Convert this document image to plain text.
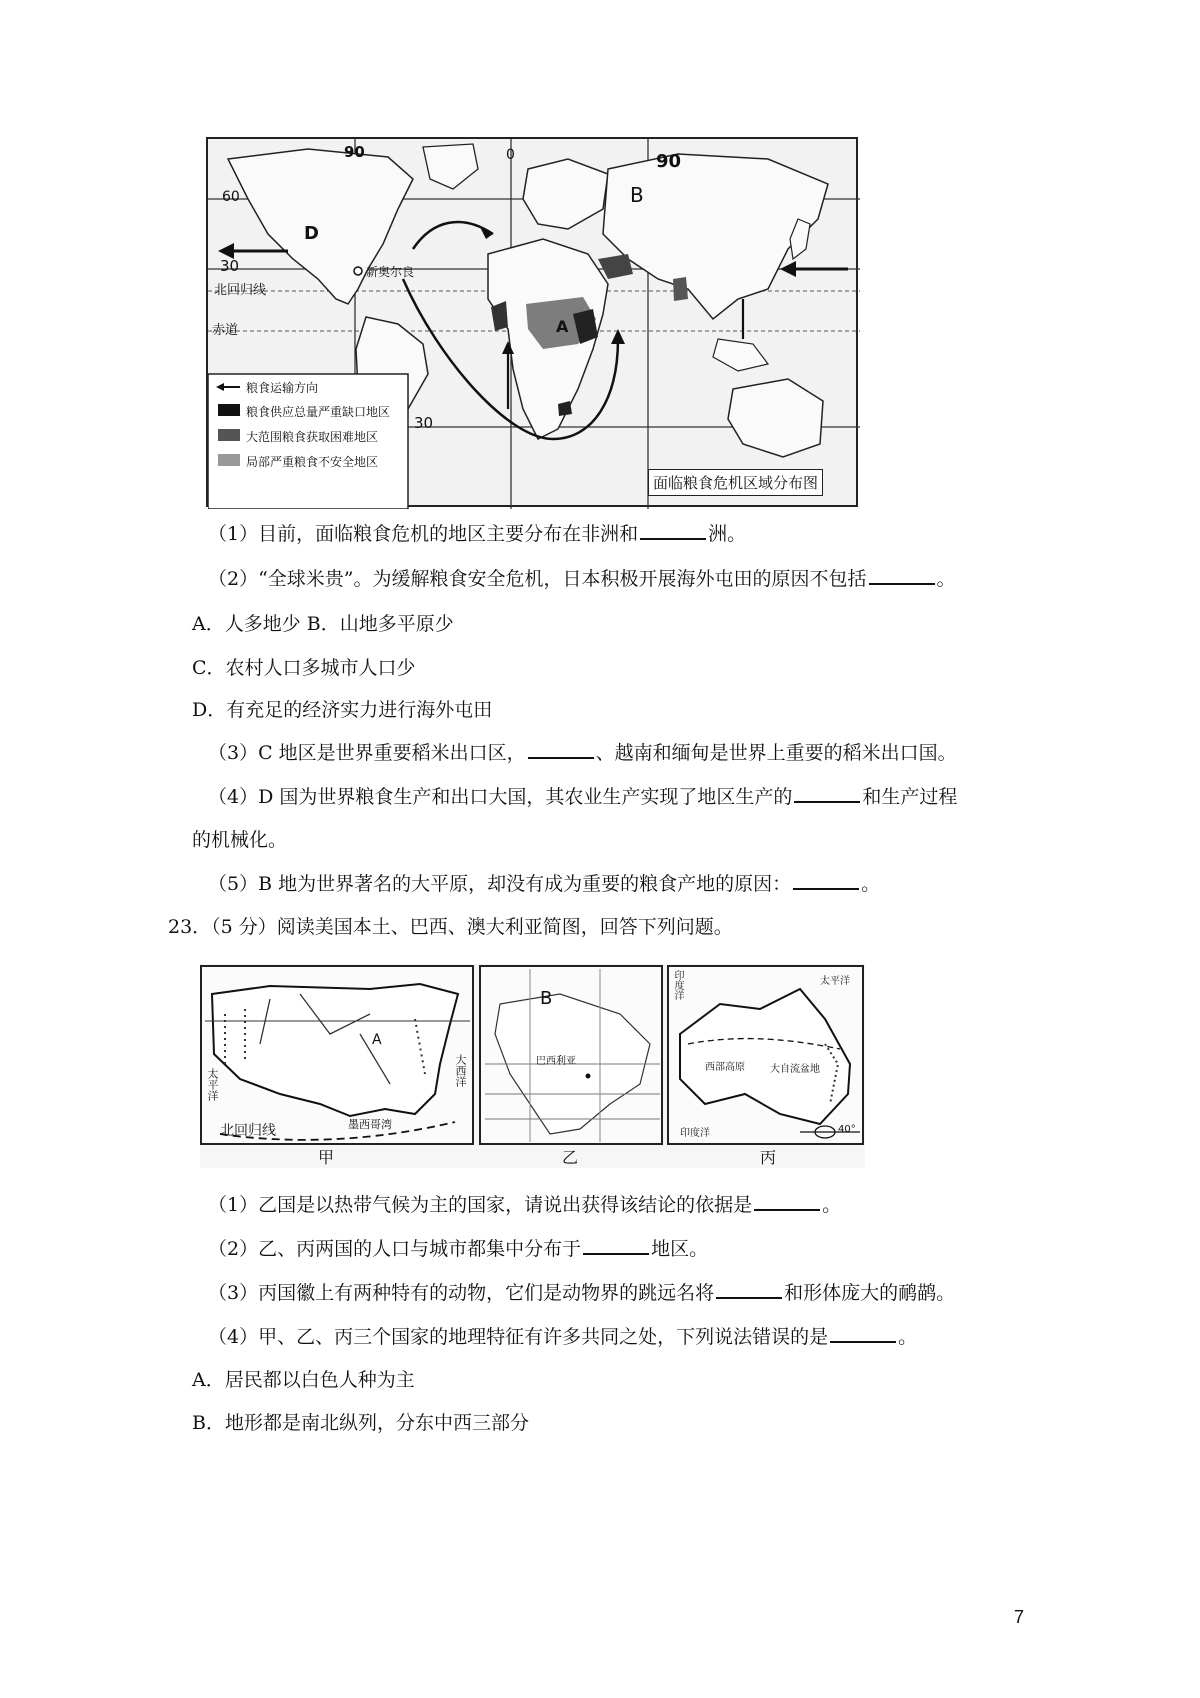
90	0	90
60
30
北回归线
赤道
30
A
B
D
新奥尔良
粮食运输方向
粮食供应总量严重缺口地区
大范围粮食获取困难地区
局部严重粮食不安全地区
面临粮食危机区域分布图
（1）目前，面临粮食危机的地区主要分布在非洲和	洲。
（2）“全球米贵”。为缓解粮食安全危机，日本积极开展海外屯田的原因不包括	。
A．人多地少 B．山地多平原少
C．农村人口多城市人口少
D．有充足的经济实力进行海外屯田
（3）C 地区是世界重要稻米出口区，	、越南和缅甸是世界上重要的稻米出口国。
（4）D 国为世界粮食生产和出口大国，其农业生产实现了地区生产的	和生产过程
的机械化。
（5）B 地为世界著名的大平原，却没有成为重要的粮食产地的原因：	。
23．（5 分）阅读美国本土、巴西、澳大利亚简图，回答下列问题。
A
大西洋
太平洋
墨西哥湾
北回归线
甲
B
巴西利亚
乙
印度洋	太平洋
西部高原	大自流盆地
印度洋	40°
丙
（1）乙国是以热带气候为主的国家，请说出获得该结论的依据是	。
（2）乙、丙两国的人口与城市都集中分布于	地区。
（3）丙国徽上有两种特有的动物，它们是动物界的跳远名将	和形体庞大的鸸鹋。
（4）甲、乙、丙三个国家的地理特征有许多共同之处，下列说法错误的是	。
A．居民都以白色人种为主
B．地形都是南北纵列，分东中西三部分
7
